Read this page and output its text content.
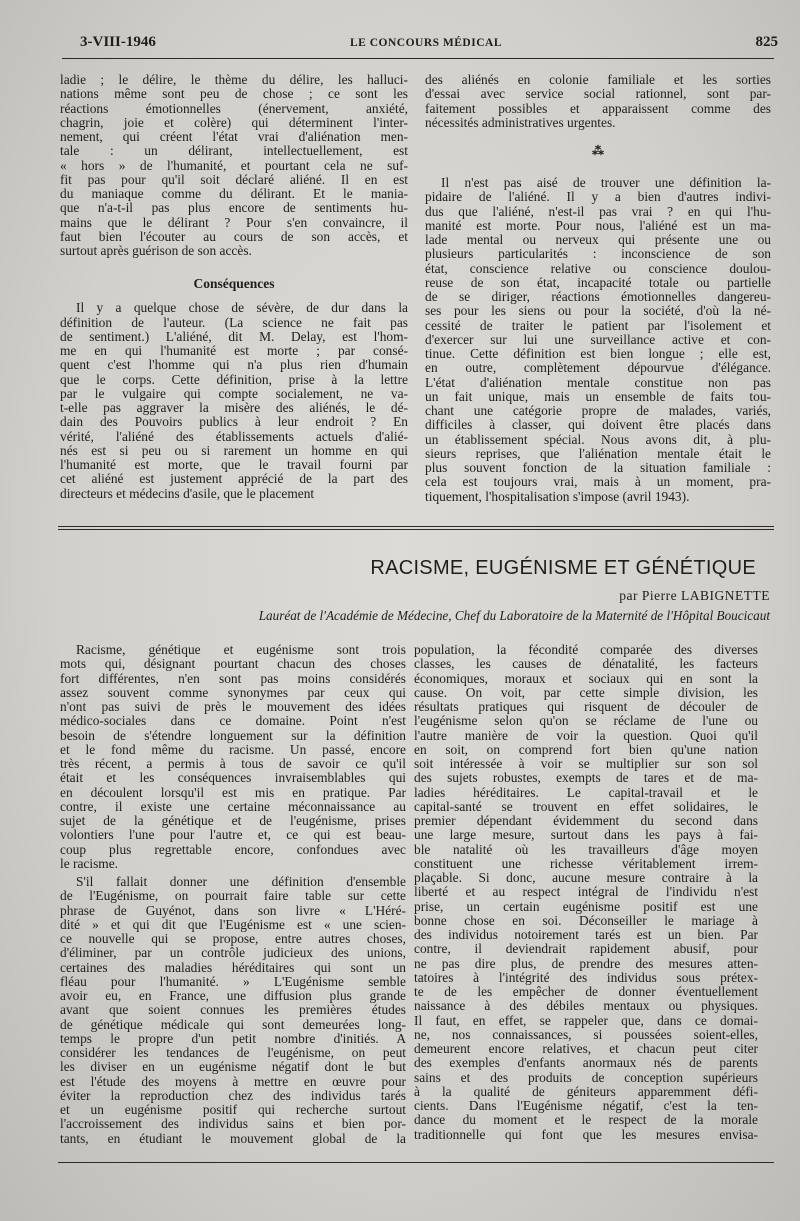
3-VIII-1946	LE CONCOURS MÉDICAL	825
ladie ; le délire, le thème du délire, les halluci-
nations même sont peu de chose ; ce sont les
réactions émotionnelles (énervement, anxiété,
chagrin, joie et colère) qui déterminent l'inter-
nement, qui créent l'état vrai d'aliénation men-
tale : un délirant, intellectuellement, est
« hors » de l'humanité, et pourtant cela ne suf-
fit pas pour qu'il soit déclaré aliéné. Il en est
du maniaque comme du délirant. Et le mania-
que n'a-t-il pas plus encore de sentiments hu-
mains que le délirant ? Pour s'en convaincre, il
faut bien l'écouter au cours de son accès, et
surtout après guérison de son accès.
Conséquences
Il y a quelque chose de sévère, de dur dans la
définition de l'auteur. (La science ne fait pas
de sentiment.) L'aliéné, dit M. Delay, est l'hom-
me en qui l'humanité est morte ; par consé-
quent c'est l'homme qui n'a plus rien d'humain
que le corps. Cette définition, prise à la lettre
par le vulgaire qui compte socialement, ne va-
t-elle pas aggraver la misère des aliénés, le dé-
dain des Pouvoirs publics à leur endroit ? En
vérité, l'aliéné des établissements actuels d'alié-
nés est si peu ou si rarement un homme en qui
l'humanité est morte, que le travail fourni par
cet aliéné est justement apprécié de la part des
directeurs et médecins d'asile, que le placement
des aliénés en colonie familiale et les sorties
d'essai avec service social rationnel, sont par-
faitement possibles et apparaissent comme des
nécessités administratives urgentes.
⁂
Il n'est pas aisé de trouver une définition la-
pidaire de l'aliéné. Il y a bien d'autres indivi-
dus que l'aliéné, n'est-il pas vrai ? en qui l'hu-
manité est morte. Pour nous, l'aliéné est un ma-
lade mental ou nerveux qui présente une ou
plusieurs particularités : inconscience de son
état, conscience relative ou conscience doulou-
reuse de son état, incapacité totale ou partielle
de se diriger, réactions émotionnelles dangereu-
ses pour les siens ou pour la société, d'où la né-
cessité de traiter le patient par l'isolement et
d'exercer sur lui une surveillance active et con-
tinue. Cette définition est bien longue ; elle est,
en outre, complètement dépourvue d'élégance.
L'état d'aliénation mentale constitue non pas
un fait unique, mais un ensemble de faits tou-
chant une catégorie propre de malades, variés,
difficiles à classer, qui doivent être placés dans
un établissement spécial. Nous avons dit, à plu-
sieurs reprises, que l'aliénation mentale était le
plus souvent fonction de la situation familiale :
cela est toujours vrai, mais à un moment, pra-
tiquement, l'hospitalisation s'impose (avril 1943).
RACISME, EUGÉNISME ET GÉNÉTIQUE
par Pierre LABIGNETTE
Lauréat de l'Académie de Médecine, Chef du Laboratoire de la Maternité de l'Hôpital Boucicaut
Racisme, génétique et eugénisme sont trois
mots qui, désignant pourtant chacun des choses
fort différentes, n'en sont pas moins considérés
assez souvent comme synonymes par ceux qui
n'ont pas suivi de près le mouvement des idées
médico-sociales dans ce domaine. Point n'est
besoin de s'étendre longuement sur la définition
et le fond même du racisme. Un passé, encore
très récent, a permis à tous de savoir ce qu'il
était et les conséquences invraisemblables qui
en découlent lorsqu'il est mis en pratique. Par
contre, il existe une certaine méconnaissance au
sujet de la génétique et de l'eugénisme, prises
volontiers l'une pour l'autre et, ce qui est beau-
coup plus regrettable encore, confondues avec
le racisme.
S'il fallait donner une définition d'ensemble
de l'Eugénisme, on pourrait faire table sur cette
phrase de Guyénot, dans son livre « L'Héré-
dité » et qui dit que l'Eugénisme est « une scien-
ce nouvelle qui se propose, entre autres choses,
d'éliminer, par un contrôle judicieux des unions,
certaines des maladies héréditaires qui sont un
fléau pour l'humanité. » L'Eugénisme semble
avoir eu, en France, une diffusion plus grande
avant que soient connues les premières études
de génétique médicale qui sont demeurées long-
temps le propre d'un petit nombre d'initiés. A
considérer les tendances de l'eugénisme, on peut
les diviser en un eugénisme négatif dont le but
est l'étude des moyens à mettre en œuvre pour
éviter la reproduction chez des individus tarés
et un eugénisme positif qui recherche surtout
l'accroissement des individus sains et bien por-
tants, en étudiant le mouvement global de la
population, la fécondité comparée des diverses
classes, les causes de dénatalité, les facteurs
économiques, moraux et sociaux qui en sont la
cause. On voit, par cette simple division, les
résultats pratiques qui risquent de découler de
l'eugénisme selon qu'on se réclame de l'une ou
l'autre manière de voir la question. Quoi qu'il
en soit, on comprend fort bien qu'une nation
soit intéressée à voir se multiplier sur son sol
des sujets robustes, exempts de tares et de ma-
ladies héréditaires. Le capital-travail et le
capital-santé se trouvent en effet solidaires, le
premier dépendant évidemment du second dans
une large mesure, surtout dans les pays à fai-
ble natalité où les travailleurs d'âge moyen
constituent une richesse véritablement irrem-
plaçable. Si donc, aucune mesure contraire à la
liberté et au respect intégral de l'individu n'est
prise, un certain eugénisme positif est une
bonne chose en soi. Déconseiller le mariage à
des individus notoirement tarés est un bien. Par
contre, il deviendrait rapidement abusif, pour
ne pas dire plus, de prendre des mesures atten-
tatoires à l'intégrité des individus sous prétex-
te de les empêcher de donner éventuellement
naissance à des débiles mentaux ou physiques.
Il faut, en effet, se rappeler que, dans ce domai-
ne, nos connaissances, si poussées soient-elles,
demeurent encore relatives, et chacun peut citer
des exemples d'enfants anormaux nés de parents
sains et des produits de conception supérieurs
à la qualité de géniteurs apparemment défi-
cients. Dans l'Eugénisme négatif, c'est la ten-
dance du moment et le respect de la morale
traditionnelle qui font que les mesures envisa-
